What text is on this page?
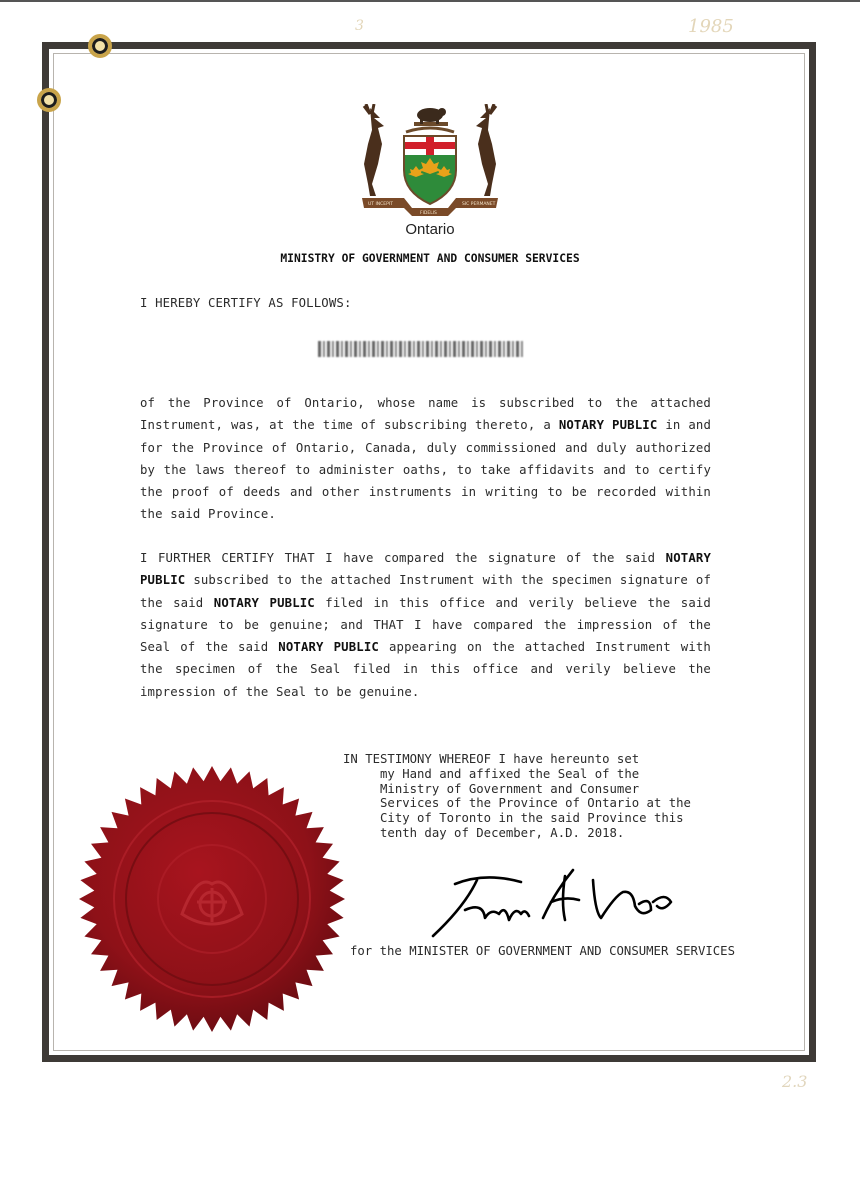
3	1985
UT INCEPIT
FIDELIS
SIC PERMANET
Ontario
MINISTRY OF GOVERNMENT AND CONSUMER SERVICES
I HEREBY CERTIFY AS FOLLOWS:
of the Province of Ontario, whose name is subscribed to the attached Instrument, was, at the time of subscribing thereto, a NOTARY PUBLIC in and for the Province of Ontario, Canada, duly commissioned and duly authorized by the laws thereof to administer oaths, to take affidavits and to certify the proof of deeds and other instruments in writing to be recorded within the said Province.
I FURTHER CERTIFY THAT I have compared the signature of the said NOTARY PUBLIC subscribed to the attached Instrument with the specimen signature of the said NOTARY PUBLIC filed in this office and verily believe the said signature to be genuine; and THAT I have compared the impression of the Seal of the said NOTARY PUBLIC appearing on the attached Instrument with the specimen of the Seal filed in this office and verily believe the impression of the Seal to be genuine.
IN TESTIMONY WHEREOF I have hereunto set
my Hand and affixed the Seal of the
Ministry of Government and Consumer
Services of the Province of Ontario at the
City of Toronto in the said Province this
tenth day of December, A.D. 2018.
for the MINISTER OF GOVERNMENT AND CONSUMER SERVICES
2.3
